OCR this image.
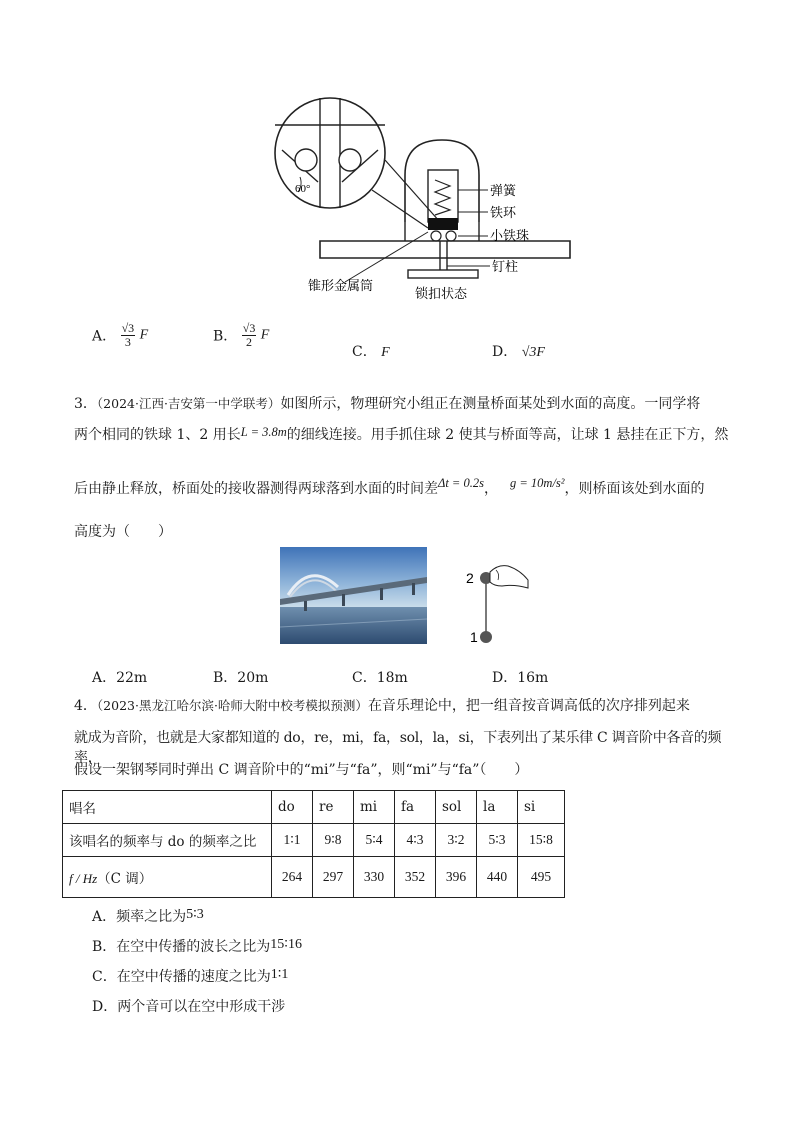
60°	弹簧
铁环
小铁珠
钉柱
锥形金属筒
锁扣状态
A． $\frac{√3}{3}$ F	B． $\frac{√3}{2}$ F
C． F	D． √3F
3．（2024·江西·吉安第一中学联考）如图所示，物理研究小组正在测量桥面某处到水面的高度。一同学将
两个相同的铁球 1、2 用长L = 3.8m的细线连接。用手抓住球 2 使其与桥面等高，让球 1 悬挂在正下方，然
后由静止释放，桥面处的接收器测得两球落到水面的时间差Δt = 0.2s， g = 10m/s²，则桥面该处到水面的
高度为（　　）
2
1
A．22m	B．20m	C．18m	D．16m
4．（2023·黑龙江哈尔滨·哈师大附中校考模拟预测）在音乐理论中，把一组音按音调高低的次序排列起来
就成为音阶，也就是大家都知道的 do，re，mi，fa，sol，la，si，下表列出了某乐律 C 调音阶中各音的频率，
假设一架钢琴同时弹出 C 调音阶中的“mi”与“fa”，则“mi”与“fa”（　　）
唱名	do	re	mi	fa	sol	la	si
该唱名的频率与 do 的频率之比	1∶1	9∶8	5∶4	4∶3	3∶2	5∶3	15∶8
f / Hz（C 调）	264	297	330	352	396	440	495
A．频率之比为5∶3
B．在空中传播的波长之比为15∶16
C．在空中传播的速度之比为1∶1
D．两个音可以在空中形成干涉
